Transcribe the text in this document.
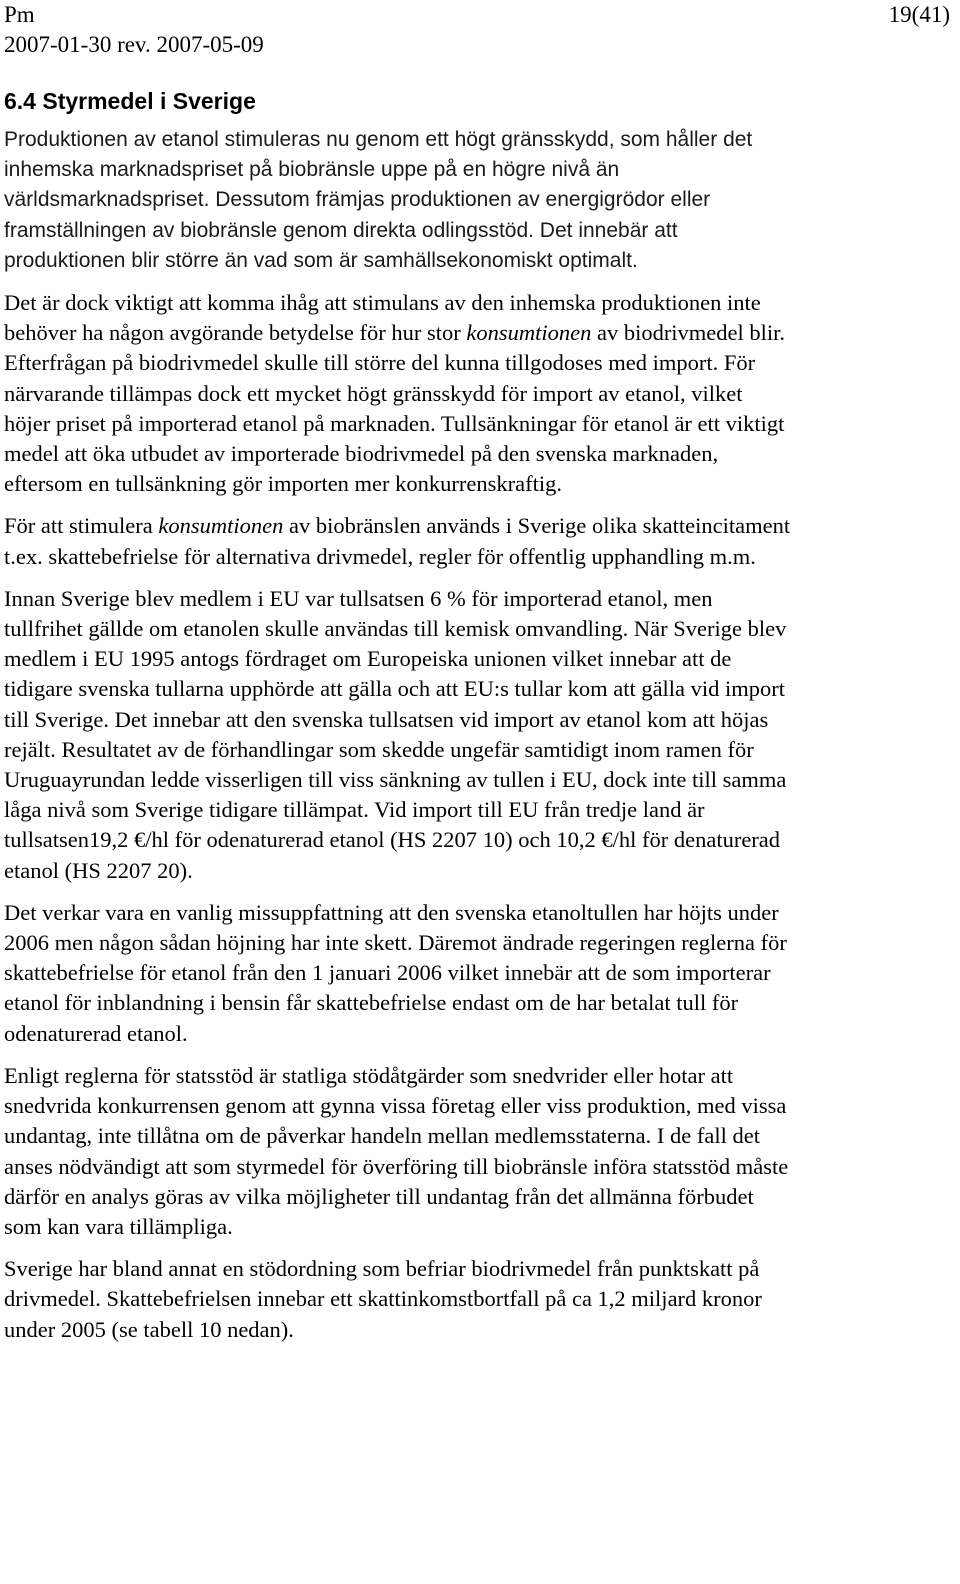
Pm
2007-01-30 rev. 2007-05-09
19(41)
6.4 Styrmedel i Sverige

Produktionen av etanol stimuleras nu genom ett högt gränsskydd, som håller det inhemska marknadspriset på biobränsle uppe på en högre nivå än världsmarknadspriset. Dessutom främjas produktionen av energigrödor eller framställningen av biobränsle genom direkta odlingsstöd. Det innebär att produktionen blir större än vad som är samhällsekonomiskt optimalt.

Det är dock viktigt att komma ihåg att stimulans av den inhemska produktionen inte behöver ha någon avgörande betydelse för hur stor konsumtionen av biodrivmedel blir. Efterfrågan på biodrivmedel skulle till större del kunna tillgodoses med import. För närvarande tillämpas dock ett mycket högt gränsskydd för import av etanol, vilket höjer priset på importerad etanol på marknaden. Tullsänkningar för etanol är ett viktigt medel att öka utbudet av importerade biodrivmedel på den svenska marknaden, eftersom en tullsänkning gör importen mer konkurrenskraftig.

För att stimulera konsumtionen av biobränslen används i Sverige olika skatteincitament t.ex. skattebefrielse för alternativa drivmedel, regler för offentlig upphandling m.m.

Innan Sverige blev medlem i EU var tullsatsen 6 % för importerad etanol, men tullfrihet gällde om etanolen skulle användas till kemisk omvandling. När Sverige blev medlem i EU 1995 antogs fördraget om Europeiska unionen vilket innebar att de tidigare svenska tullarna upphörde att gälla och att EU:s tullar kom att gälla vid import till Sverige. Det innebar att den svenska tullsatsen vid import av etanol kom att höjas rejält. Resultatet av de förhandlingar som skedde ungefär samtidigt inom ramen för Uruguayrundan ledde visserligen till viss sänkning av tullen i EU, dock inte till samma låga nivå som Sverige tidigare tillämpat. Vid import till EU från tredje land är tullsatsen19,2 €/hl för odenaturerad etanol (HS 2207 10) och 10,2 €/hl för denaturerad etanol (HS 2207 20).

Det verkar vara en vanlig missuppfattning att den svenska etanoltullen har höjts under 2006 men någon sådan höjning har inte skett. Däremot ändrade regeringen reglerna för skattebefrielse för etanol från den 1 januari 2006 vilket innebär att de som importerar etanol för inblandning i bensin får skattebefrielse endast om de har betalat tull för odenaturerad etanol.

Enligt reglerna för statsstöd är statliga stödåtgärder som snedvrider eller hotar att snedvrida konkurrensen genom att gynna vissa företag eller viss produktion, med vissa undantag, inte tillåtna om de påverkar handeln mellan medlemsstaterna. I de fall det anses nödvändigt att som styrmedel för överföring till biobränsle införa statsstöd måste därför en analys göras av vilka möjligheter till undantag från det allmänna förbudet som kan vara tillämpliga.

Sverige har bland annat en stödordning som befriar biodrivmedel från punktskatt på drivmedel. Skattebefrielsen innebar ett skattinkomstbortfall på ca 1,2 miljard kronor under 2005 (se tabell 10 nedan).
